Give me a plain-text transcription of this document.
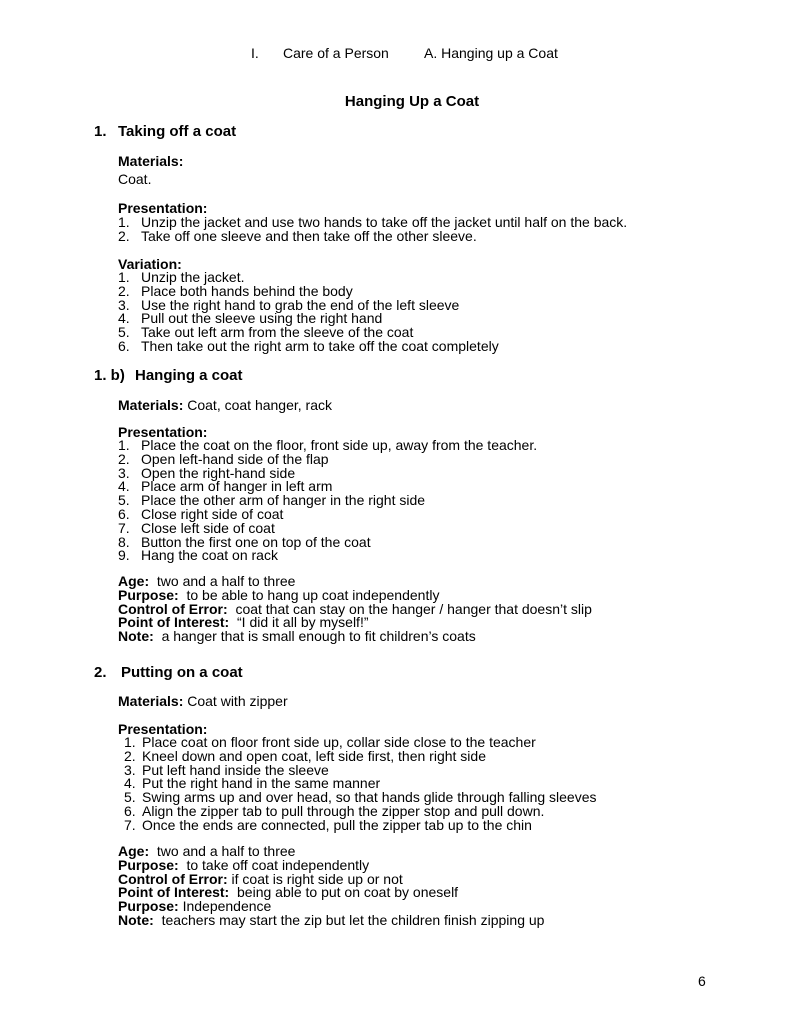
I. Care of a Person	A. Hanging up a Coat
Hanging Up a Coat
1. Taking off a coat
Materials:
Coat.
Presentation:
1. Unzip the jacket and use two hands to take off the jacket until half on the back.
2. Take off one sleeve and then take off the other sleeve.
Variation:
1. Unzip the jacket.
2. Place both hands behind the body
3. Use the right hand to grab the end of the left sleeve
4. Pull out the sleeve using the right hand
5. Take out left arm from the sleeve of the coat
6. Then take out the right arm to take off the coat completely
1. b) Hanging a coat
Materials: Coat, coat hanger, rack
Presentation:
1. Place the coat on the floor, front side up, away from the teacher.
2. Open left-hand side of the flap
3. Open the right-hand side
4. Place arm of hanger in left arm
5. Place the other arm of hanger in the right side
6. Close right side of coat
7. Close left side of coat
8. Button the first one on top of the coat
9. Hang the coat on rack
Age: two and a half to three
Purpose: to be able to hang up coat independently
Control of Error: coat that can stay on the hanger / hanger that doesn’t slip
Point of Interest: “I did it all by myself!”
Note: a hanger that is small enough to fit children’s coats
2. Putting on a coat
Materials: Coat with zipper
Presentation:
1. Place coat on floor front side up, collar side close to the teacher
2. Kneel down and open coat, left side first, then right side
3. Put left hand inside the sleeve
4. Put the right hand in the same manner
5. Swing arms up and over head, so that hands glide through falling sleeves
6. Align the zipper tab to pull through the zipper stop and pull down.
7. Once the ends are connected, pull the zipper tab up to the chin
Age: two and a half to three
Purpose: to take off coat independently
Control of Error: if coat is right side up or not
Point of Interest: being able to put on coat by oneself
Purpose: Independence
Note: teachers may start the zip but let the children finish zipping up
6
